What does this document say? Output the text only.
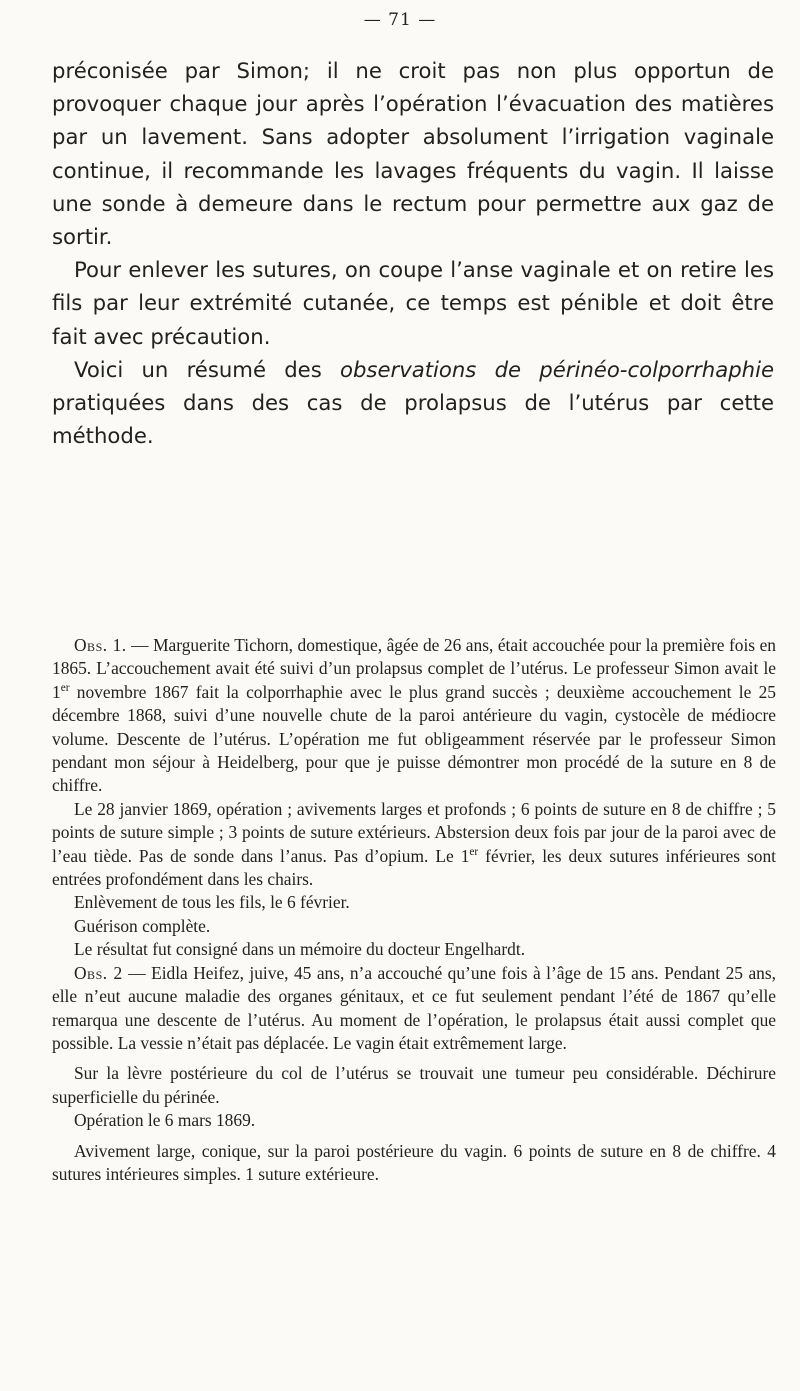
— 71 —

préconisée par Simon; il ne croit pas non plus opportun de provoquer chaque jour après l’opération l’évacuation des matières par un lavement. Sans adopter absolument l’irrigation vaginale continue, il recommande les lavages fréquents du vagin. Il laisse une sonde à demeure dans le rectum pour permettre aux gaz de sortir.

Pour enlever les sutures, on coupe l’anse vaginale et on retire les fils par leur extrémité cutanée, ce temps est pénible et doit être fait avec précaution.

Voici un résumé des observations de périnéo-colporrhaphie pratiquées dans des cas de prolapsus de l’utérus par cette méthode.

Obs. 1. — Marguerite Tichorn, domestique, âgée de 26 ans, était accouchée pour la première fois en 1865. L’accouchement avait été suivi d’un prolapsus complet de l’utérus. Le professeur Simon avait le 1er novembre 1867 fait la colporrhaphie avec le plus grand succès ; deuxième accouchement le 25 décembre 1868, suivi d’une nouvelle chute de la paroi antérieure du vagin, cystocèle de médiocre volume. Descente de l’utérus. L’opération me fut obligeamment réservée par le professeur Simon pendant mon séjour à Heidelberg, pour que je puisse démontrer mon procédé de la suture en 8 de chiffre.

Le 28 janvier 1869, opération ; avivements larges et profonds ; 6 points de suture en 8 de chiffre ; 5 points de suture simple ; 3 points de suture extérieurs. Abstersion deux fois par jour de la paroi avec de l’eau tiède. Pas de sonde dans l’anus. Pas d’opium. Le 1er février, les deux sutures inférieures sont entrées profondément dans les chairs.

Enlèvement de tous les fils, le 6 février.

Guérison complète.

Le résultat fut consigné dans un mémoire du docteur Engelhardt.

Obs. 2 — Eidla Heifez, juive, 45 ans, n’a accouché qu’une fois à l’âge de 15 ans. Pendant 25 ans, elle n’eut aucune maladie des organes génitaux, et ce fut seulement pendant l’été de 1867 qu’elle remarqua une descente de l’utérus. Au moment de l’opération, le prolapsus était aussi complet que possible. La vessie n’était pas déplacée. Le vagin était extrêmement large.

Sur la lèvre postérieure du col de l’utérus se trouvait une tumeur peu considérable. Déchirure superficielle du périnée.

Opération le 6 mars 1869.

Avivement large, conique, sur la paroi postérieure du vagin. 6 points de suture en 8 de chiffre. 4 sutures intérieures simples. 1 suture extérieure.
